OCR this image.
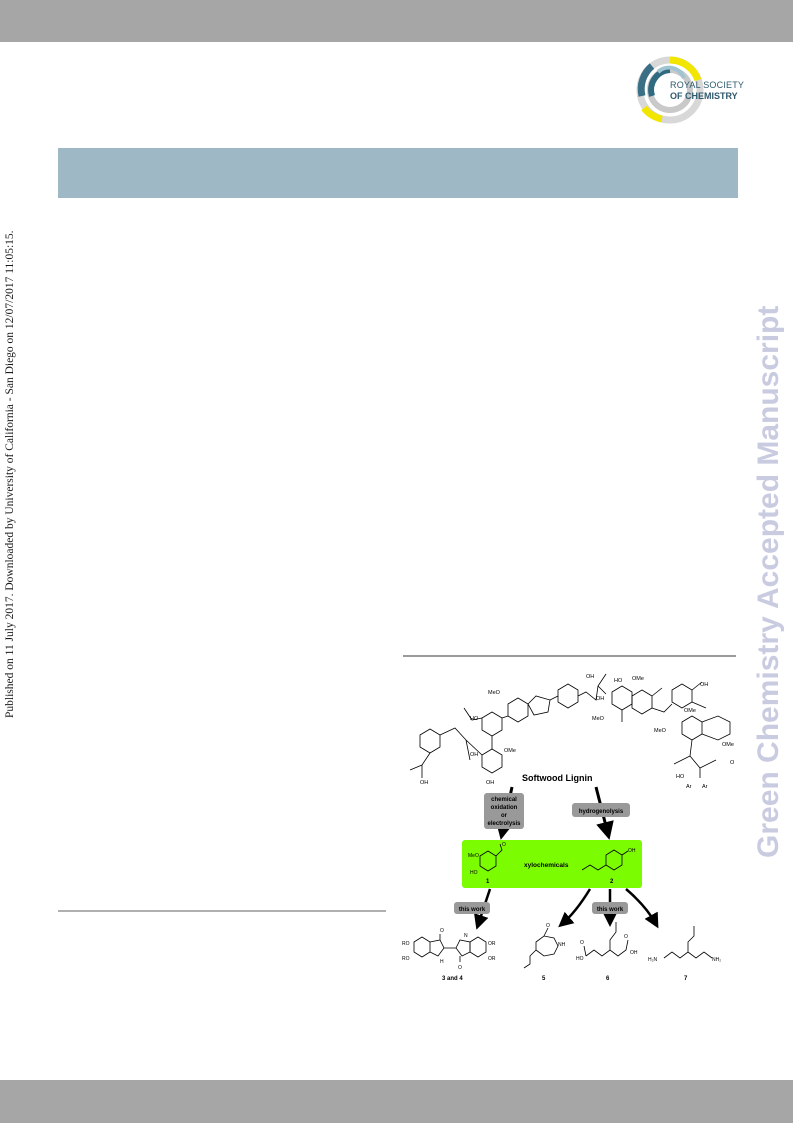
ROYAL SOCIETY
OF CHEMISTRY
Published on 11 July 2017. Downloaded by University of California - San Diego on 12/07/2017 11:05:15.	Green Chemistry Accepted Manuscript
MeO
HO
OH
OH
OMe
HO
MeO
OH
MeO
OMe
OMe
O
OMe
OH
OH	OH
HO
Ar Ar
Softwood Lignin
chemical
oxidation
or
electrolysis
hydrogenolysis
xylochemicals
MeO
HO
O
1
OH
2
this work	this work
RO
RO
OR
OR
O
O
H
N
3 and 4
O
NH
5
HO
O
O
OH
6
H₂N	NH₂
7
